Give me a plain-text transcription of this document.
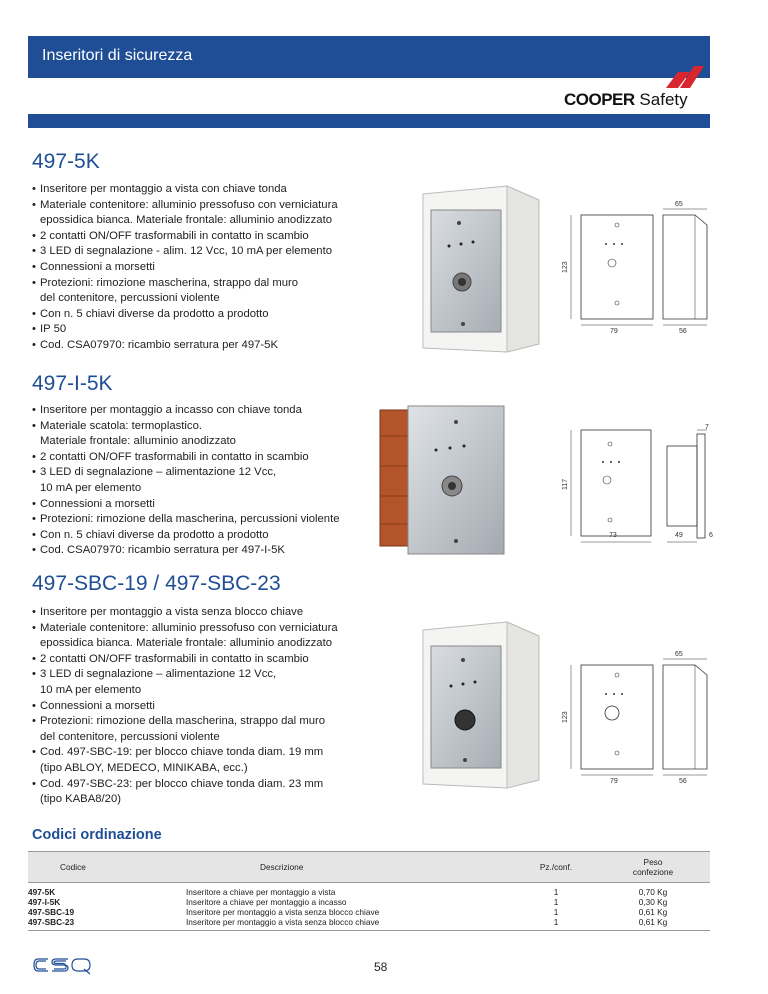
Inseritori di sicurezza
COOPER Safety
497-5K
• Inseritore per montaggio a vista con chiave tonda
• Materiale contenitore: alluminio pressofuso con verniciatura
epossidica bianca. Materiale frontale: alluminio anodizzato
• 2 contatti ON/OFF trasformabili in contatto in scambio
• 3 LED di segnalazione - alim. 12 Vcc, 10 mA per elemento
• Connessioni a morsetti
• Protezioni: rimozione mascherina, strappo dal muro
del contenitore, percussioni violente
• Con n. 5 chiavi diverse da prodotto a prodotto
• IP 50
• Cod. CSA07970: ricambio serratura per 497-5K
123
65
79	56
497-I-5K
• Inseritore per montaggio a incasso con chiave tonda
• Materiale scatola: termoplastico.
Materiale frontale: alluminio anodizzato
• 2 contatti ON/OFF trasformabili in contatto in scambio
• 3 LED di segnalazione – alimentazione 12 Vcc,
10 mA per elemento
• Connessioni a morsetti
• Protezioni: rimozione della mascherina, percussioni violente
• Con n. 5 chiavi diverse da prodotto a prodotto
• Cod. CSA07970: ricambio serratura per 497-I-5K
117
7
73	49	6
497-SBC-19 / 497-SBC-23
• Inseritore per montaggio a vista senza blocco chiave
• Materiale contenitore: alluminio pressofuso con verniciatura
epossidica bianca. Materiale frontale: alluminio anodizzato
• 2 contatti ON/OFF trasformabili in contatto in scambio
• 3 LED di segnalazione – alimentazione 12 Vcc,
10 mA per elemento
• Connessioni a morsetti
• Protezioni: rimozione della mascherina, strappo dal muro
del contenitore, percussioni violente
• Cod. 497-SBC-19: per blocco chiave tonda diam. 19 mm
(tipo ABLOY, MEDECO, MINIKABA, ecc.)
• Cod. 497-SBC-23: per blocco chiave tonda diam. 23 mm
(tipo KABA8/20)
123
65
79	56
Codici ordinazione
Codice	Descrizione	Pz./conf.	Peso
confezione
497-5K	Inseritore a chiave per montaggio a vista	1	0,70 Kg
497-I-5K	Inseritore a chiave per montaggio a incasso	1	0,30 Kg
497-SBC-19	Inseritore per montaggio a vista senza blocco chiave	1	0,61 Kg
497-SBC-23	Inseritore per montaggio a vista senza blocco chiave	1	0,61 Kg
58
